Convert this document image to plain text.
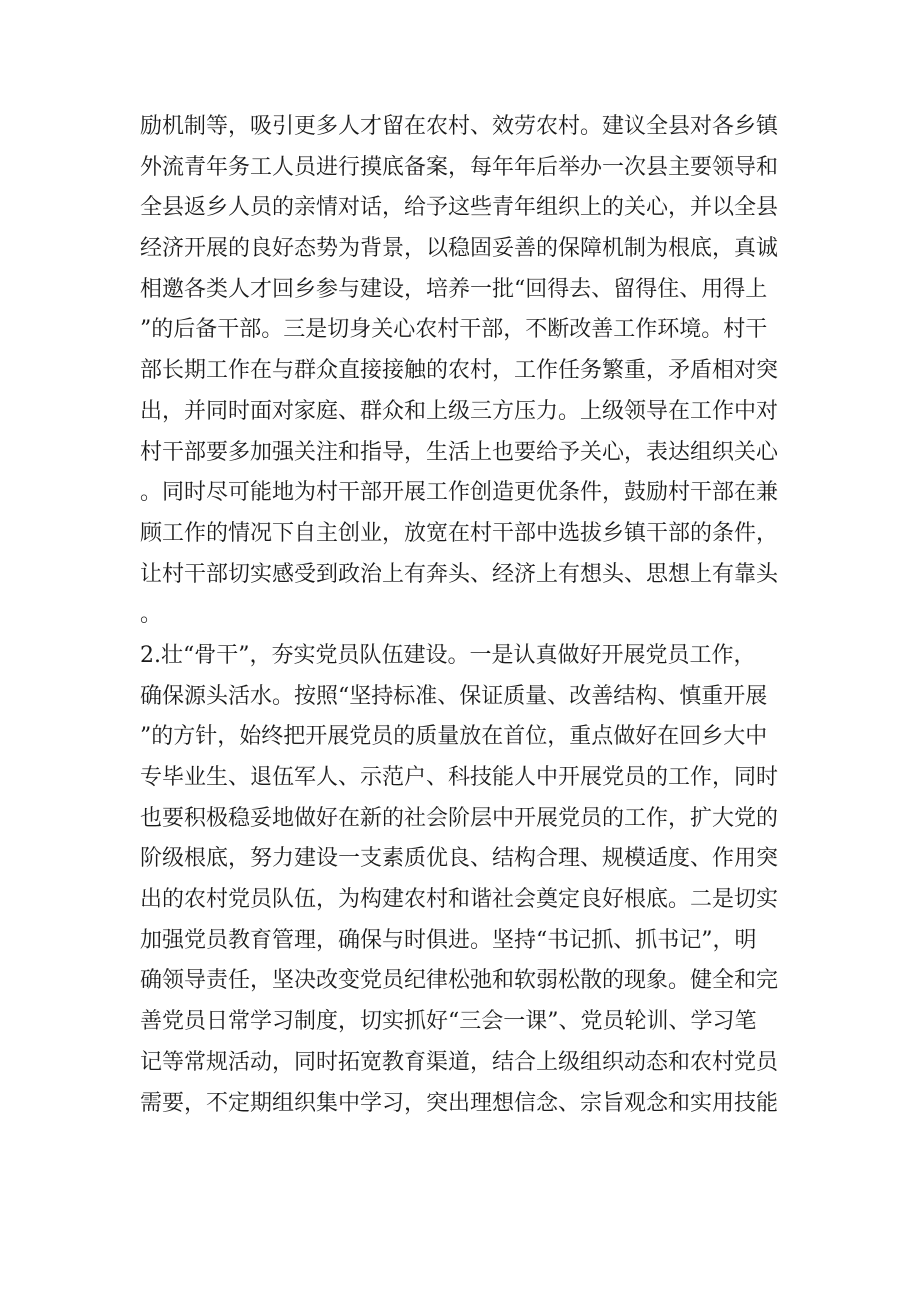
励机制等，吸引更多人才留在农村、效劳农村。建议全县对各乡镇
外流青年务工人员进行摸底备案，每年年后举办一次县主要领导和
全县返乡人员的亲情对话，给予这些青年组织上的关心，并以全县
经济开展的良好态势为背景，以稳固妥善的保障机制为根底，真诚
相邀各类人才回乡参与建设，培养一批“回得去、留得住、用得上
”的后备干部。三是切身关心农村干部，不断改善工作环境。村干
部长期工作在与群众直接接触的农村，工作任务繁重，矛盾相对突
出，并同时面对家庭、群众和上级三方压力。上级领导在工作中对
村干部要多加强关注和指导，生活上也要给予关心，表达组织关心
。同时尽可能地为村干部开展工作创造更优条件，鼓励村干部在兼
顾工作的情况下自主创业，放宽在村干部中选拔乡镇干部的条件，
让村干部切实感受到政治上有奔头、经济上有想头、思想上有靠头
。
2.壮“骨干”，夯实党员队伍建设。一是认真做好开展党员工作，
确保源头活水。按照“坚持标准、保证质量、改善结构、慎重开展
”的方针，始终把开展党员的质量放在首位，重点做好在回乡大中
专毕业生、退伍军人、示范户、科技能人中开展党员的工作，同时
也要积极稳妥地做好在新的社会阶层中开展党员的工作，扩大党的
阶级根底，努力建设一支素质优良、结构合理、规模适度、作用突
出的农村党员队伍，为构建农村和谐社会奠定良好根底。二是切实
加强党员教育管理，确保与时俱进。坚持“书记抓、抓书记”，明
确领导责任，坚决改变党员纪律松弛和软弱松散的现象。健全和完
善党员日常学习制度，切实抓好“三会一课”、党员轮训、学习笔
记等常规活动，同时拓宽教育渠道，结合上级组织动态和农村党员
需要，不定期组织集中学习，突出理想信念、宗旨观念和实用技能
